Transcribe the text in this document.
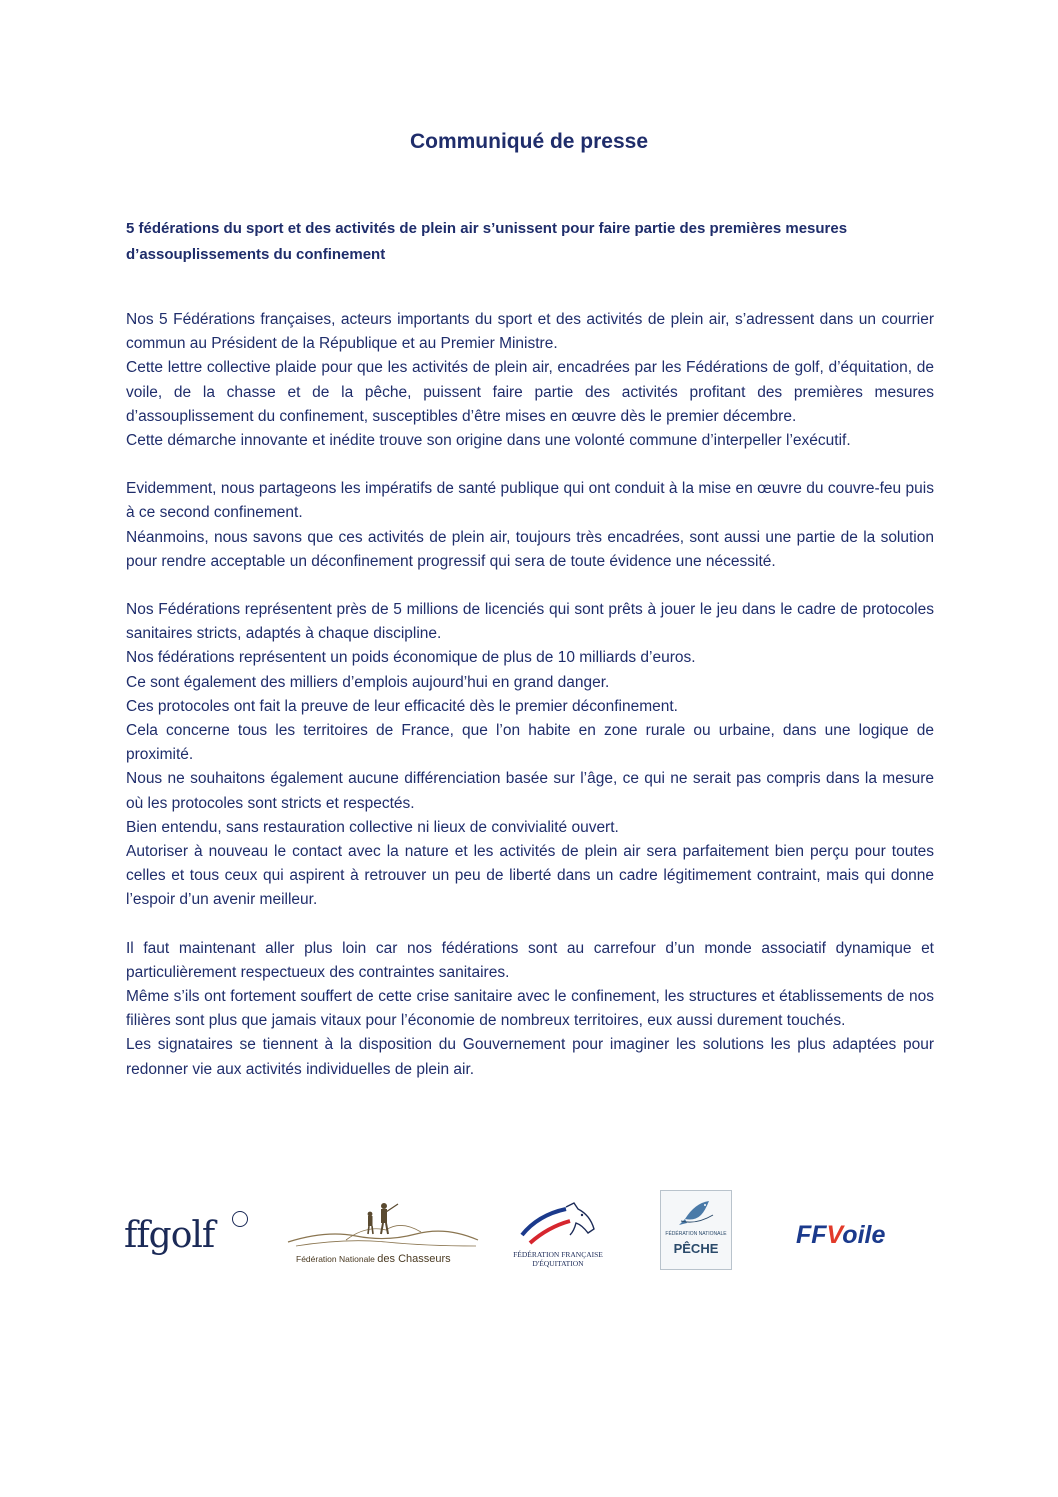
Communiqué de presse
5 fédérations du sport et des activités de plein air s’unissent pour faire partie des premières mesures d’assouplissements du confinement

Nos 5 Fédérations françaises, acteurs importants du sport et des activités de plein air, s’adressent dans un courrier commun au Président de la République et au Premier Ministre.

Cette lettre collective plaide pour que les activités de plein air, encadrées par les Fédérations de golf, d’équitation, de voile, de la chasse et de la pêche, puissent faire partie des activités profitant des premières mesures d’assouplissement du confinement, susceptibles d’être mises en œuvre dès le premier décembre.

Cette démarche innovante et inédite trouve son origine dans une volonté commune d’interpeller l’exécutif.

Evidemment, nous partageons les impératifs de santé publique qui ont conduit à la mise en œuvre du couvre-feu puis à ce second confinement.

Néanmoins, nous savons que ces activités de plein air, toujours très encadrées, sont aussi une partie de la solution pour rendre acceptable un déconfinement progressif qui sera de toute évidence une nécessité.

Nos Fédérations représentent près de 5 millions de licenciés qui sont prêts à jouer le jeu dans le cadre de protocoles sanitaires stricts, adaptés à chaque discipline.

Nos fédérations représentent un poids économique de plus de 10 milliards d’euros.

Ce sont également des milliers d’emplois aujourd’hui en grand danger.

Ces protocoles ont fait la preuve de leur efficacité dès le premier déconfinement.

Cela concerne tous les territoires de France, que l’on habite en zone rurale ou urbaine, dans une logique de proximité.

Nous ne souhaitons également aucune différenciation basée sur l’âge, ce qui ne serait pas compris dans la mesure où les protocoles sont stricts et respectés.

Bien entendu, sans restauration collective ni lieux de convivialité ouvert.

Autoriser à nouveau le contact avec la nature et les activités de plein air sera parfaitement bien perçu pour toutes celles et tous ceux qui aspirent à retrouver un peu de liberté dans un cadre légitimement contraint, mais qui donne l’espoir d’un avenir meilleur.

Il faut maintenant aller plus loin car nos fédérations sont au carrefour d’un monde associatif dynamique et particulièrement respectueux des contraintes sanitaires.

Même s’ils ont fortement souffert de cette crise sanitaire avec le confinement, les structures et établissements de nos filières sont plus que jamais vitaux pour l’économie de nombreux territoires, eux aussi durement touchés.

Les signataires se tiennent à la disposition du Gouvernement pour imaginer les solutions les plus adaptées pour redonner vie aux activités individuelles de plein air.

ffgolf
Fédération Nationale des Chasseurs	FÉDÉRATION FRANÇAISE
D'ÉQUITATION
FÉDÉRATION NATIONALE
PÊCHE	FFVoile
